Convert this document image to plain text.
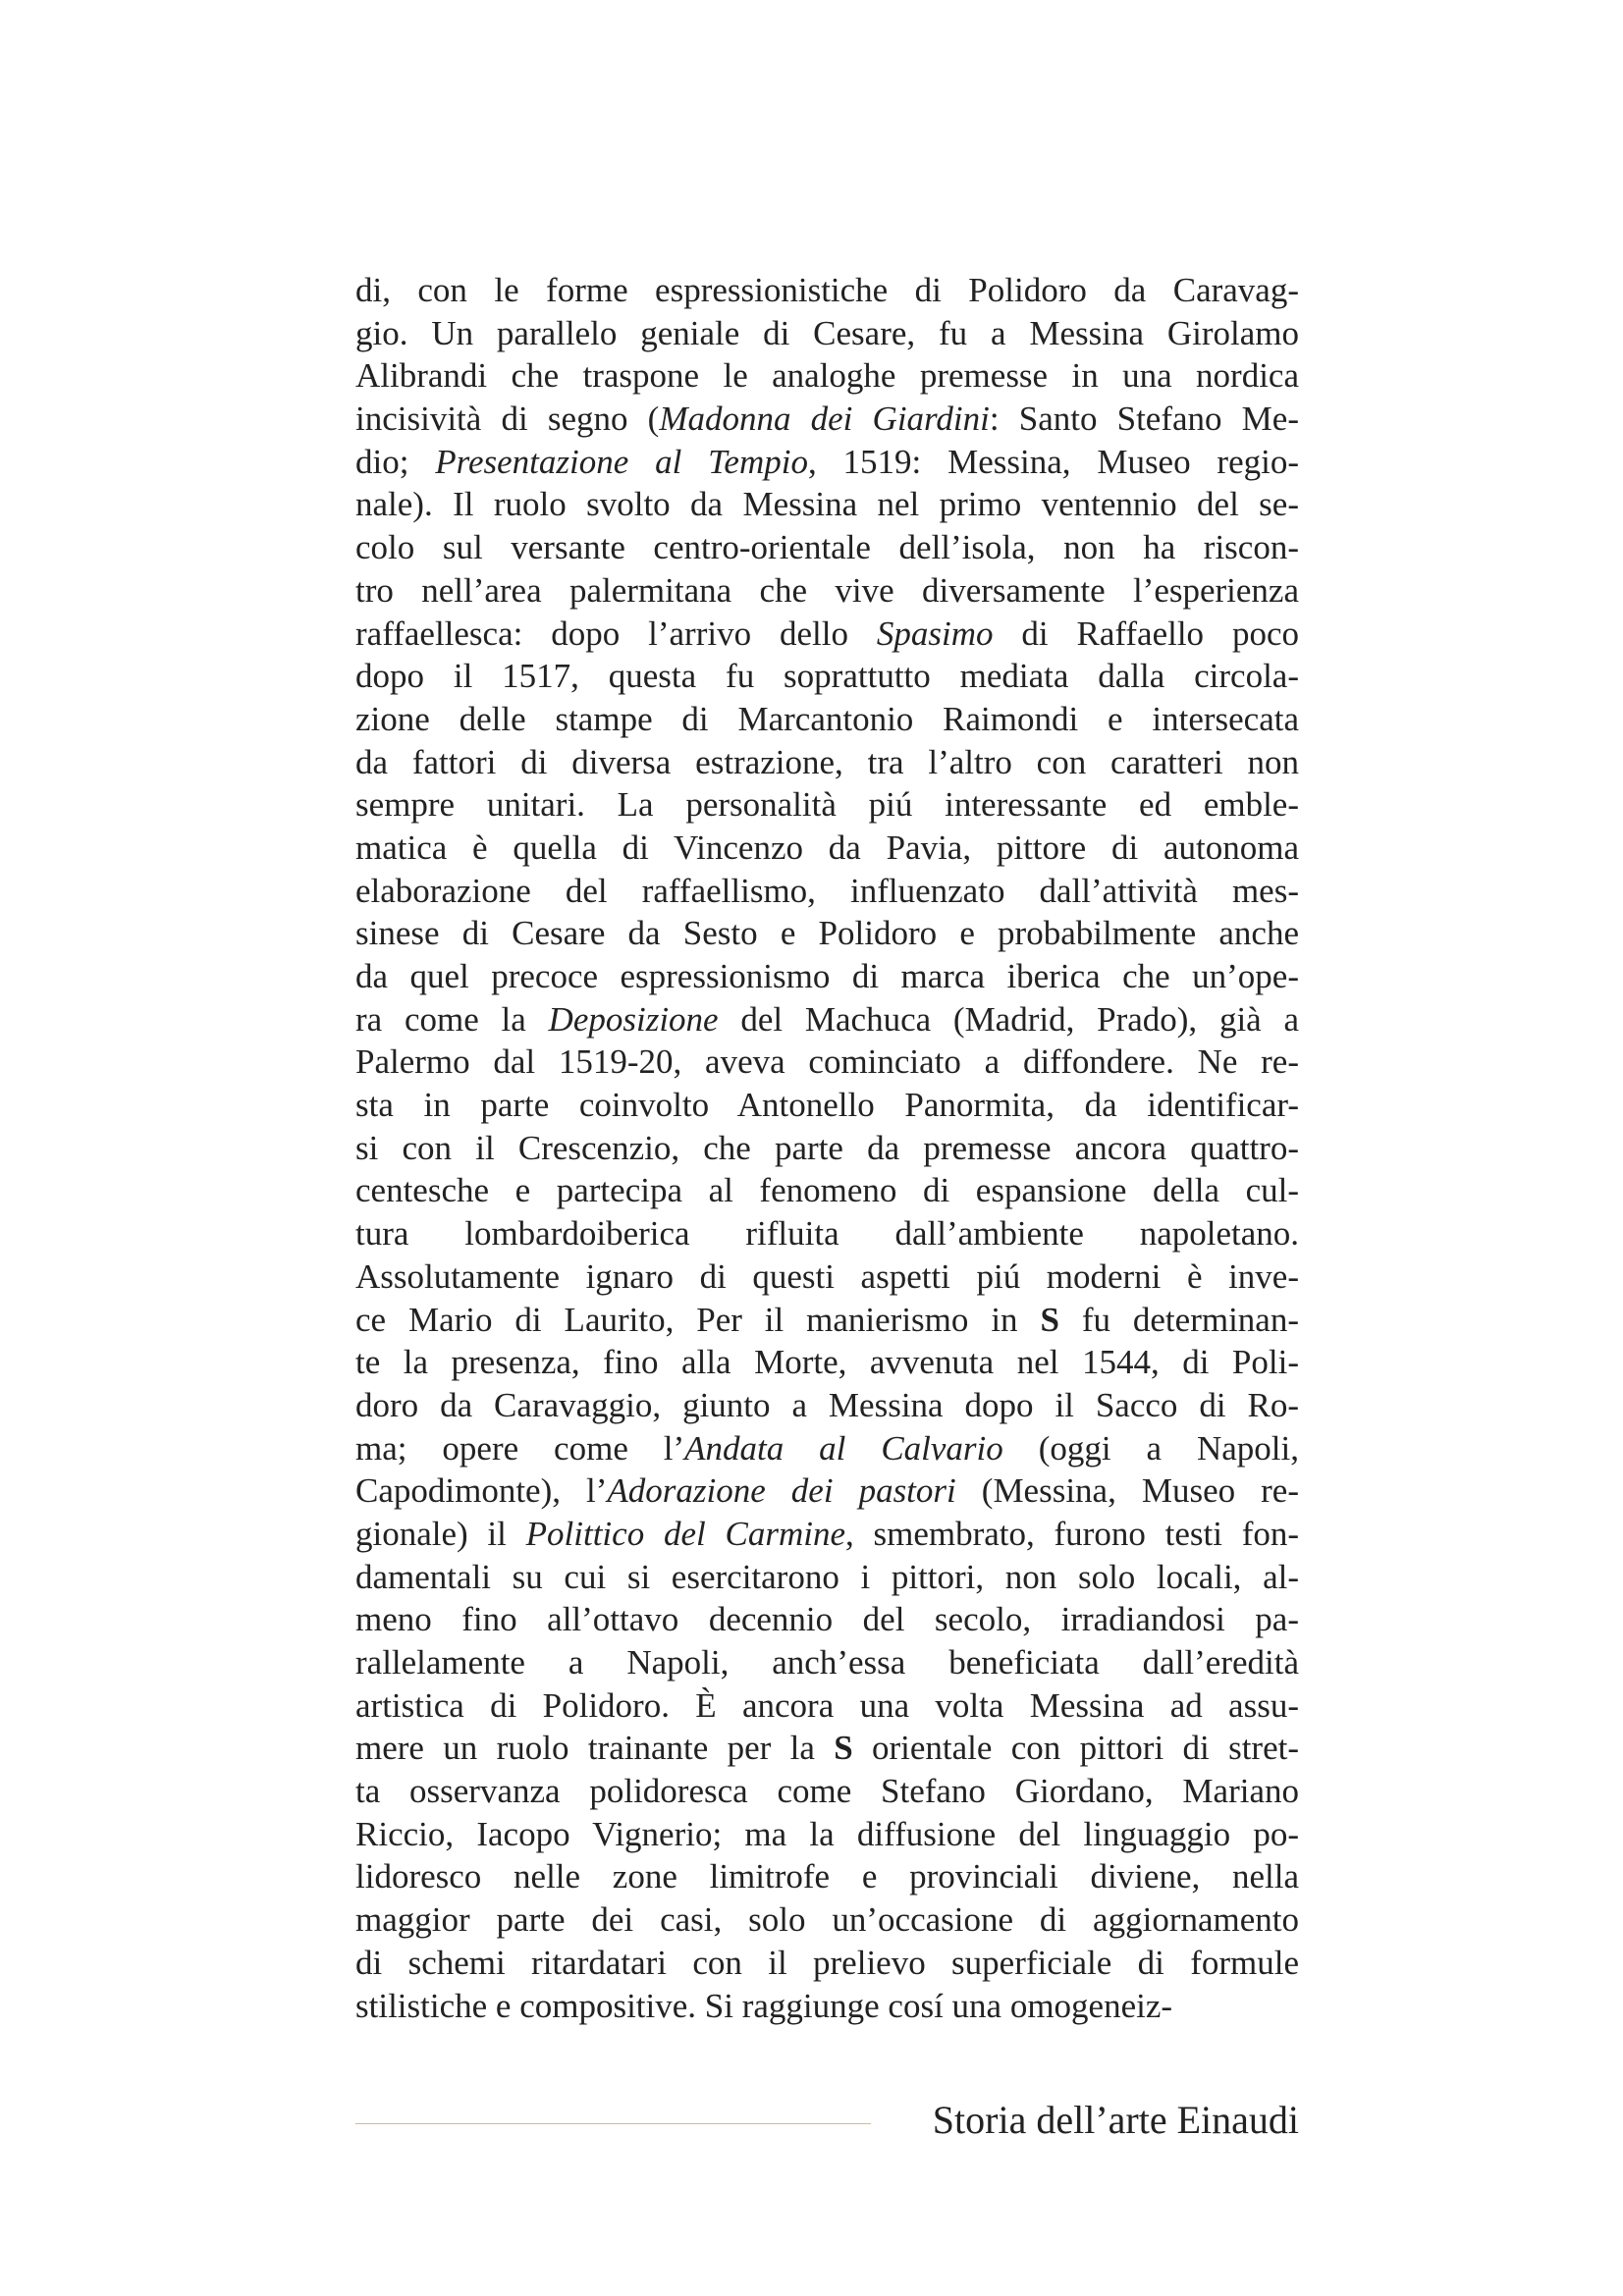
di, con le forme espressionistiche di Polidoro da Caravag-
gio. Un parallelo geniale di Cesare, fu a Messina Girolamo
Alibrandi che traspone le analoghe premesse in una nordica
incisività di segno (Madonna dei Giardini: Santo Stefano Me-
dio; Presentazione al Tempio, 1519: Messina, Museo regio-
nale). Il ruolo svolto da Messina nel primo ventennio del se-
colo sul versante centro-orientale dell’isola, non ha riscon-
tro nell’area palermitana che vive diversamente l’esperienza
raffaellesca: dopo l’arrivo dello Spasimo di Raffaello poco
dopo il 1517, questa fu soprattutto mediata dalla circola-
zione delle stampe di Marcantonio Raimondi e intersecata
da fattori di diversa estrazione, tra l’altro con caratteri non
sempre unitari. La personalità piú interessante ed emble-
matica è quella di Vincenzo da Pavia, pittore di autonoma
elaborazione del raffaellismo, influenzato dall’attività mes-
sinese di Cesare da Sesto e Polidoro e probabilmente anche
da quel precoce espressionismo di marca iberica che un’ope-
ra come la Deposizione del Machuca (Madrid, Prado), già a
Palermo dal 1519-20, aveva cominciato a diffondere. Ne re-
sta in parte coinvolto Antonello Panormita, da identificar-
si con il Crescenzio, che parte da premesse ancora quattro-
centesche e partecipa al fenomeno di espansione della cul-
tura lombardoiberica rifluita dall’ambiente napoletano.
Assolutamente ignaro di questi aspetti piú moderni è inve-
ce Mario di Laurito, Per il manierismo in S fu determinan-
te la presenza, fino alla Morte, avvenuta nel 1544, di Poli-
doro da Caravaggio, giunto a Messina dopo il Sacco di Ro-
ma; opere come l’Andata al Calvario (oggi a Napoli,
Capodimonte), l’Adorazione dei pastori (Messina, Museo re-
gionale) il Polittico del Carmine, smembrato, furono testi fon-
damentali su cui si esercitarono i pittori, non solo locali, al-
meno fino all’ottavo decennio del secolo, irradiandosi pa-
rallelamente a Napoli, anch’essa beneficiata dall’eredità
artistica di Polidoro. È ancora una volta Messina ad assu-
mere un ruolo trainante per la S orientale con pittori di stret-
ta osservanza polidoresca come Stefano Giordano, Mariano
Riccio, Iacopo Vignerio; ma la diffusione del linguaggio po-
lidoresco nelle zone limitrofe e provinciali diviene, nella
maggior parte dei casi, solo un’occasione di aggiornamento
di schemi ritardatari con il prelievo superficiale di formule
stilistiche e compositive. Si raggiunge cosí una omogeneiz-
Storia dell’arte Einaudi
